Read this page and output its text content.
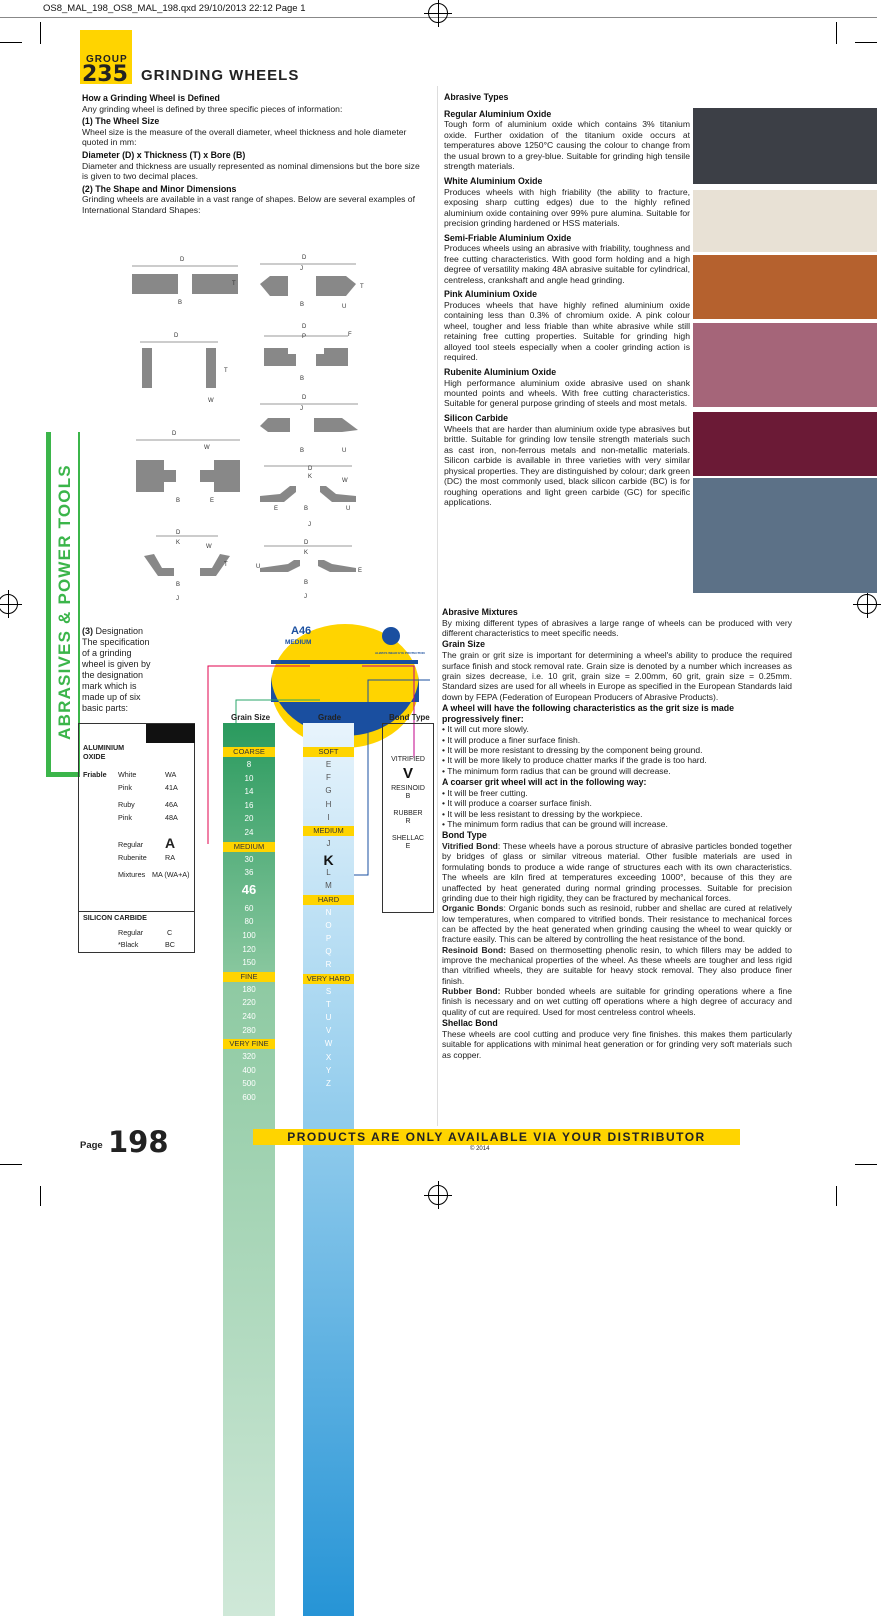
OS8_MAL_198_OS8_MAL_198.qxd 29/10/2013 22:12 Page 1
GROUP
235 GRINDING WHEELS
ABRASIVES & POWER TOOLS
How a Grinding Wheel is Defined

Any grinding wheel is defined by three specific pieces of information:

(1) The Wheel Size

Wheel size is the measure of the overall diameter, wheel thickness and hole diameter quoted in mm:

Diameter (D) x Thickness (T) x Bore (B)

Diameter and thickness are usually represented as nominal dimensions but the bore size is given to two decimal places.

(2) The Shape and Minor Dimensions

Grinding wheels are available in a vast range of shapes. Below are several examples of International Standard Shapes:

D
T
B
D
J
B	U
T
D
T
W
D
P	F
B
D
J
B	U
D
W
B	E
D
K
W
E	B	U
J
D
K
W
T
B
J
D
K
U
E
B
J
(3) Designation The specification of a grinding wheel is given by the designation mark which is made up of six basic parts:
A46
MEDIUM
ALWAYS WEAR EYE PROTECTION
A46KV
150 x 20 x 31.75mm
Max Speed 44m/sec
Grain Size	Grade	Bond Type
COARSE
8
10
14
16
20
24
MEDIUM
30
36
46
60
80
100
120
150
FINE
180
220
240
280
VERY FINE
320
400
500
600
SOFT
E
F
G
H
I
MEDIUM
J
K
L
M
HARD
N
O
P
Q
R
VERY HARD
S
T
U
V
W
X
Y
Z
VITRIFIED
V
RESINOID
B
RUBBER
R
SHELLAC
E
ALUMINIUM OXIDE
Friable White	WA
Pink	41A
Ruby	46A
Pink	48A
Regular A
Rubenite	RA
Mixtures MA (WA+A)
SILICON CARBIDE
Regular	C
*Black	BC
Abrasive Types
Regular Aluminium Oxide

Tough form of aluminium oxide which contains 3% titanium oxide. Further oxidation of the titanium oxide occurs at temperatures above 1250°C causing the colour to change from the usual brown to a grey-blue. Suitable for grinding high tensile strength materials.

White Aluminium Oxide

Produces wheels with high friability (the ability to fracture, exposing sharp cutting edges) due to the highly refined aluminium oxide containing over 99% pure alumina. Suitable for precision grinding hardened or HSS materials.

Semi-Friable Aluminium Oxide

Produces wheels using an abrasive with friability, toughness and free cutting characteristics. With good form holding and a high degree of versatility making 48A abrasive suitable for cylindrical, centreless, crankshaft and angle head grinding.

Pink Aluminium Oxide

Produces wheels that have highly refined aluminium oxide containing less than 0.3% of chromium oxide. A pink colour wheel, tougher and less friable than white abrasive while still retaining free cutting properties. Suitable for grinding high alloyed tool steels especially when a cooler grinding action is required.

Rubenite Aluminium Oxide

High performance aluminium oxide abrasive used on shank mounted points and wheels. With free cutting characteristics. Suitable for general purpose grinding of steels and most metals.

Silicon Carbide

Wheels that are harder than aluminium oxide type abrasives but brittle. Suitable for grinding low tensile strength materials such as cast iron, non-ferrous metals and non-metallic materials. Silicon carbide is available in three varieties with very similar physical properties. They are distinguished by colour; dark green (DC) the most commonly used, black silicon carbide (BC) is for roughing operations and light green carbide (GC) for specific applications.

Abrasive Mixtures

By mixing different types of abrasives a large range of wheels can be produced with very different characteristics to meet specific needs.

Grain Size

The grain or grit size is important for determining a wheel's ability to produce the required surface finish and stock removal rate. Grain size is denoted by a number which increases as grain sizes decrease, i.e. 10 grit, grain size = 2.00mm, 60 grit, grain size = 0.25mm. Standard sizes are used for all wheels in Europe as specified in the European Standards laid down by FEPA (Federation of European Producers of Abrasive Products).

A wheel will have the following characteristics as the grit size is made progressively finer:
• It will cut more slowly.
• It will produce a finer surface finish.
• It will be more resistant to dressing by the component being ground.
• It will be more likely to produce chatter marks if the grade is too hard.
• The minimum form radius that can be ground will decrease.
A coarser grit wheel will act in the following way:
• It will be freer cutting.
• It will produce a coarser surface finish.
• It will be less resistant to dressing by the workpiece.
• The minimum form radius that can be ground will increase.
Bond Type

Vitrified Bond: These wheels have a porous structure of abrasive particles bonded together by bridges of glass or similar vitreous material. Other fusible materials are used in formulating bonds to produce a wide range of structures each with its own characteristics. The wheels are kiln fired at temperatures exceeding 1000°, because of this they are unaffected by heat generated during normal grinding processes. Suitable for precision grinding due to their high rigidity, they can be fractured by mechanical forces.

Organic Bonds: Organic bonds such as resinoid, rubber and shellac are cured at relatively low temperatures, when compared to vitrified bonds. Their resistance to mechanical forces can be affected by the heat generated when grinding causing the wheel to wear quickly or fracture easily. This can be altered by controlling the heat resistance of the bond.

Resinoid Bond: Based on thermosetting phenolic resin, to which fillers may be added to improve the mechanical properties of the wheel. As these wheels are tougher and less rigid than vitrified wheels, they are suitable for heavy stock removal. They also produce finer finish.

Rubber Bond: Rubber bonded wheels are suitable for grinding operations where a fine finish is necessary and on wet cutting off operations where a high degree of accuracy and quality of cut are required. Used for most centreless control wheels.

Shellac Bond

These wheels are cool cutting and produce very fine finishes. this makes them particularly suitable for applications with minimal heat generation or for grinding very soft materials such as copper.

Page 198	PRODUCTS ARE ONLY AVAILABLE VIA YOUR DISTRIBUTOR
© 2014
